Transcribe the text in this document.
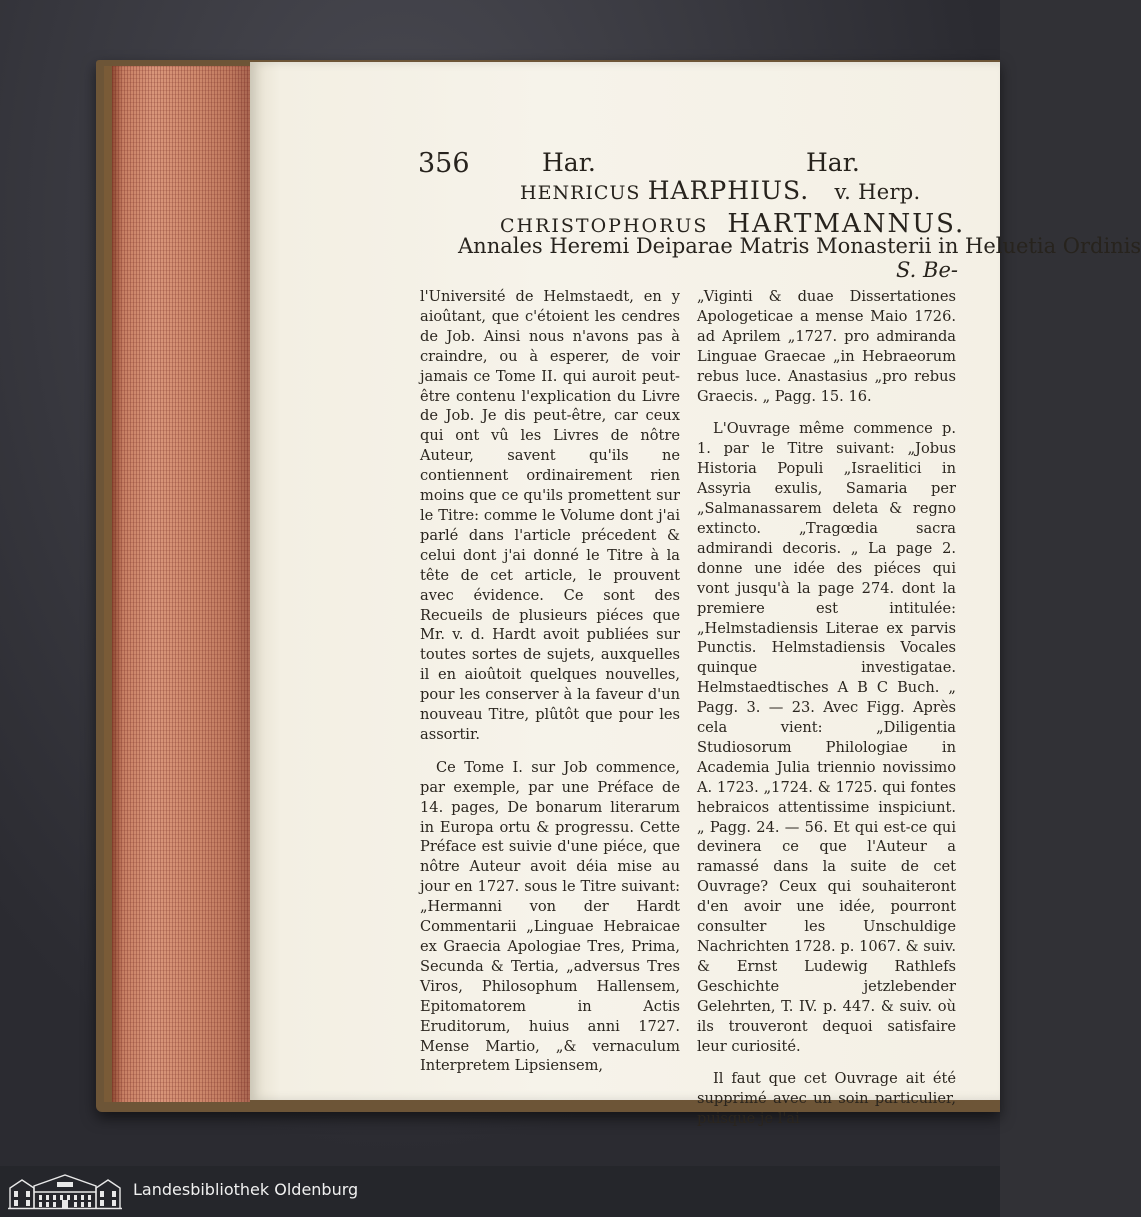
356	Har.	Har.
HENRICUS HARPHIUS. v. Herp.
CHRISTOPHORUS HARTMANNUS.
Annales Heremi Deiparae Matris Monasterii in Heluetia Ordinis
S. Be-
l'Université de Helmstaedt, en y aioûtant, que c'étoient les cendres de Job. Ainsi nous n'avons pas à craindre, ou à esperer, de voir jamais ce Tome II. qui auroit peut-être contenu l'explication du Livre de Job. Je dis peut-être, car ceux qui ont vû les Livres de nôtre Auteur, savent qu'ils ne contiennent ordinairement rien moins que ce qu'ils promettent sur le Titre: comme le Volume dont j'ai parlé dans l'article précedent & celui dont j'ai donné le Titre à la tête de cet article, le prouvent avec évidence. Ce sont des Recueils de plusieurs piéces que Mr. v. d. Hardt avoit publiées sur toutes sortes de sujets, auxquelles il en aioûtoit quelques nouvelles, pour les conserver à la faveur d'un nouveau Titre, plûtôt que pour les assortir.
Ce Tome I. sur Job commence, par exemple, par une Préface de 14. pages, De bonarum literarum in Europa ortu & progressu. Cette Préface est suivie d'une piéce, que nôtre Auteur avoit déia mise au jour en 1727. sous le Titre suivant: „Hermanni von der Hardt Commentarii „Linguae Hebraicae ex Graecia Apologiae Tres, Prima, Secunda & Tertia, „adversus Tres Viros, Philosophum Hallensem, Epitomatorem in Actis Eruditorum, huius anni 1727. Mense Martio, „& vernaculum Interpretem Lipsiensem,
„Viginti & duae Dissertationes Apologeticae a mense Maio 1726. ad Aprilem „1727. pro admiranda Linguae Graecae „in Hebraeorum rebus luce. Anastasius „pro rebus Graecis. „ Pagg. 15. 16.
L'Ouvrage même commence p. 1. par le Titre suivant: „Jobus Historia Populi „Israelitici in Assyria exulis, Samaria per „Salmanassarem deleta & regno extincto. „Tragœdia sacra admirandi decoris. „ La page 2. donne une idée des piéces qui vont jusqu'à la page 274. dont la premiere est intitulée: „Helmstadiensis Literae ex parvis Punctis. Helmstadiensis Vocales quinque investigatae. Helmstaedtisches A B C Buch. „ Pagg. 3. — 23. Avec Figg. Après cela vient: „Diligentia Studiosorum Philologiae in Academia Julia triennio novissimo A. 1723. „1724. & 1725. qui fontes hebraicos attentissime inspiciunt. „ Pagg. 24. — 56. Et qui est-ce qui devinera ce que l'Auteur a ramassé dans la suite de cet Ouvrage? Ceux qui souhaiteront d'en avoir une idée, pourront consulter les Unschuldige Nachrichten 1728. p. 1067. & suiv. & Ernst Ludewig Rathlefs Geschichte jetzlebender Gelehrten, T. IV. p. 447. & suiv. où ils trouveront dequoi satisfaire leur curiosité.
Il faut que cet Ouvrage ait été supprimé avec un soin particulier, puisque je l'ai
Landesbibliothek Oldenburg
